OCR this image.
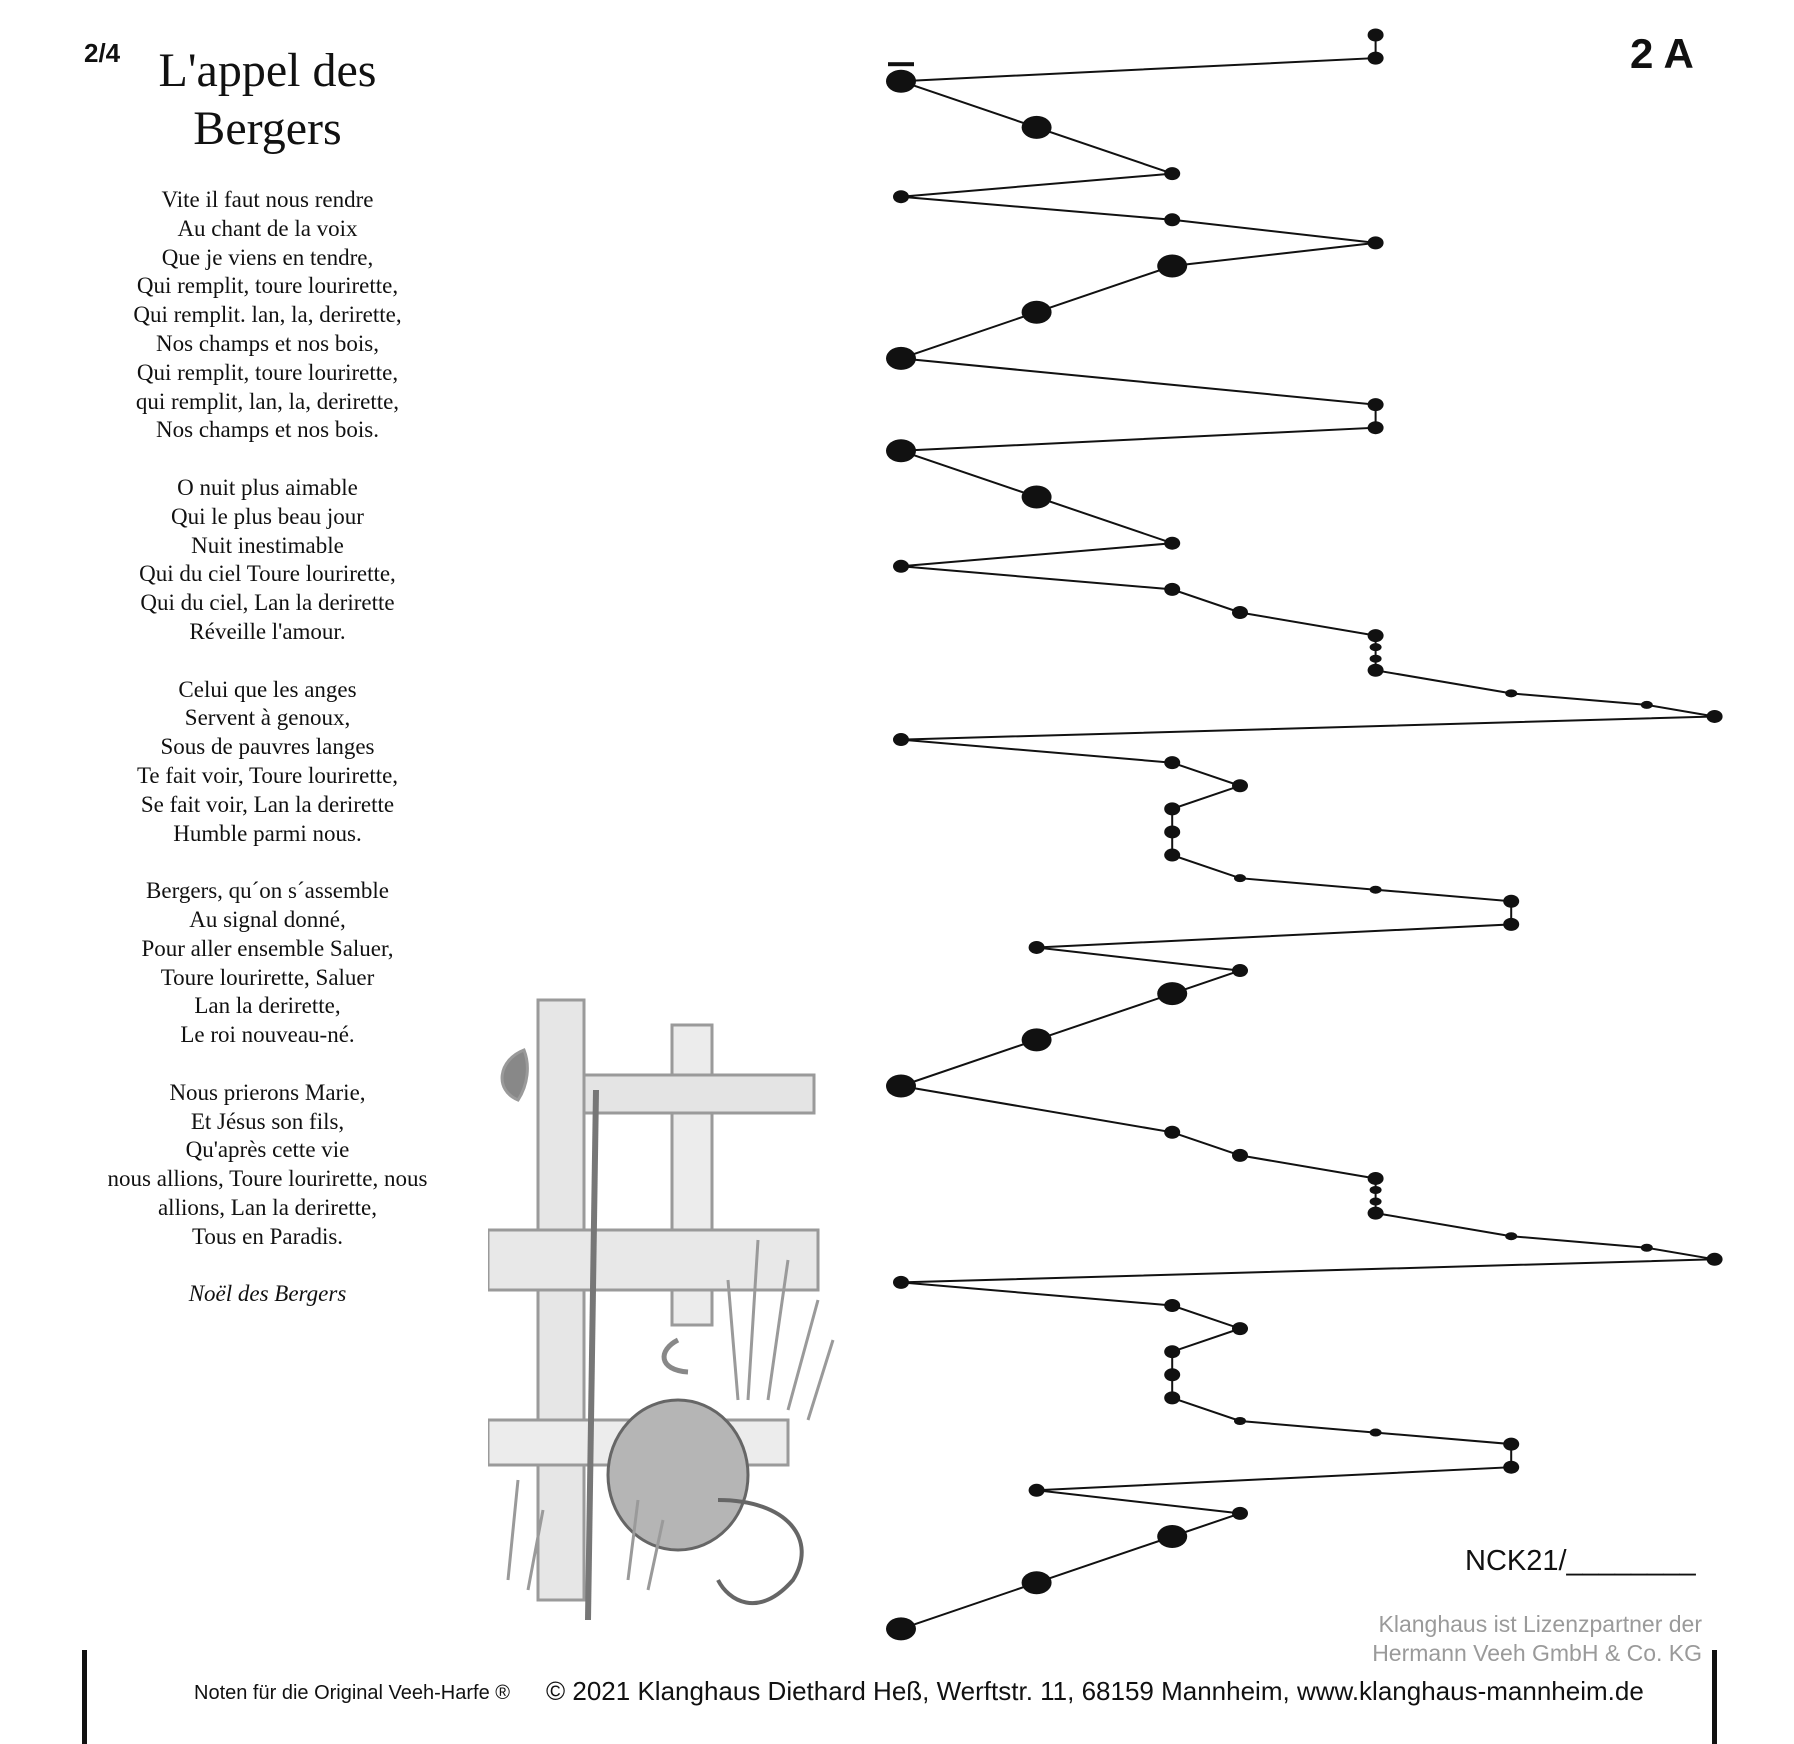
2/4 L'appel des
Bergers
2 A
Vite il faut nous rendre
Au chant de la voix
Que je viens en tendre,
Qui remplit, toure lourirette,
Qui remplit. lan, la, derirette,
Nos champs et nos bois,
Qui remplit, toure lourirette,
qui remplit, lan, la, derirette,
Nos champs et nos bois.
O nuit plus aimable
Qui le plus beau jour
Nuit inestimable
Qui du ciel Toure lourirette,
Qui du ciel, Lan la derirette
Réveille l'amour.
Celui que les anges
Servent à genoux,
Sous de pauvres langes
Te fait voir, Toure lourirette,
Se fait voir, Lan la derirette
Humble parmi nous.
Bergers, qu´on s´assemble
Au signal donné,
Pour aller ensemble Saluer,
Toure lourirette, Saluer
Lan la derirette,
Le roi nouveau-né.
Nous prierons Marie,
Et Jésus son fils,
Qu'après cette vie
nous allions, Toure lourirette, nous
allions, Lan la derirette,
Tous en Paradis.
Noël des Bergers
NCK21/________
Klanghaus ist Lizenzpartner der
Hermann Veeh GmbH & Co. KG
Noten für die Original Veeh-Harfe ® © 2021 Klanghaus Diethard Heß, Werftstr. 11, 68159 Mannheim, www.klanghaus-mannheim.de
